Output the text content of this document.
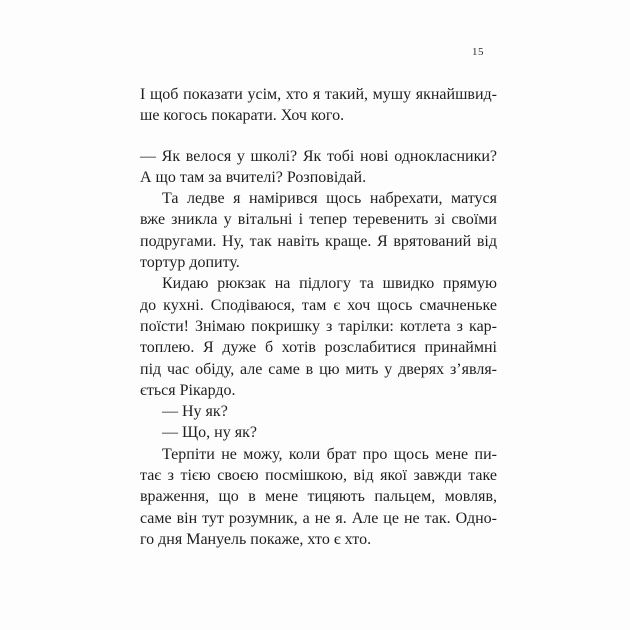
15
І щоб показати усім, хто я такий, мушу якнайшвид-
ше когось покарати. Хоч кого.
— Як велося у школі? Як тобі нові однокласники?
А що там за вчителі? Розповідай.
Та ледве я намірився щось набрехати, матуся
вже зникла у вітальні і тепер теревенить зі своїми
подругами. Ну, так навіть краще. Я врятований від
тортур допиту.
Кидаю рюкзак на підлогу та швидко прямую
до кухні. Сподіваюся, там є хоч щось смачненьке
поїсти! Знімаю покришку з тарілки: котлета з кар-
топлею. Я дуже б хотів розслабитися принаймні
під час обіду, але саме в цю мить у дверях з’явля-
ється Рікардо.
— Ну як?
— Що, ну як?
Терпіти не можу, коли брат про щось мене пи-
тає з тією своєю посмішкою, від якої завжди таке
враження, що в мене тицяють пальцем, мовляв,
саме він тут розумник, а не я. Але це не так. Одно-
го дня Мануель покаже, хто є хто.
